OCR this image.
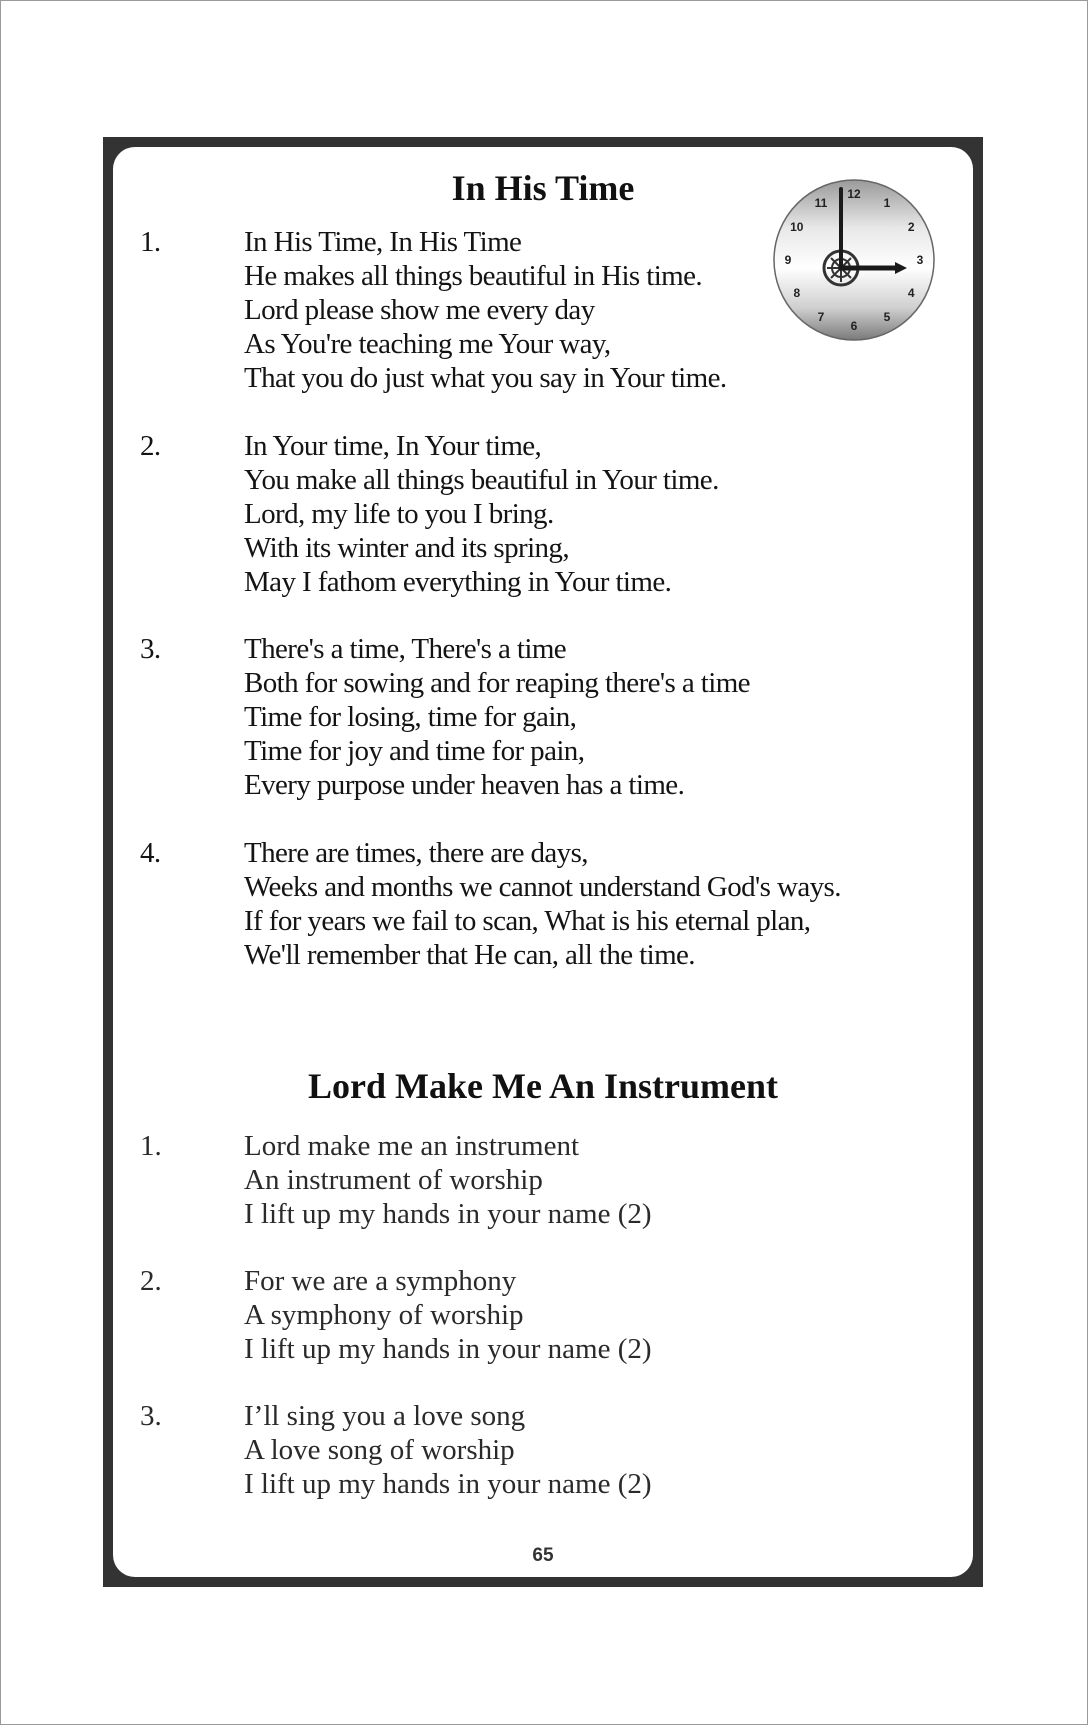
In His Time
1.	In His Time, In His Time
He makes all things beautiful in His time.
Lord please show me every day
As You're teaching me Your way,
That you do just what you say in Your time.
2.	In Your time, In Your time,
You make all things beautiful in Your time.
Lord, my life to you I bring.
With its winter and its spring,
May I fathom everything in Your time.
3.	There's a time, There's a time
Both for sowing and for reaping there's a time
Time for losing, time for gain,
Time for joy and time for pain,
Every purpose under heaven has a time.
4.	There are times, there are days,
Weeks and months we cannot understand God's ways.
If for years we fail to scan, What is his eternal plan,
We'll remember that He can, all the time.
12
1
2
3
4
5
6
7
8
9
10
11
Lord Make Me An Instrument
1.	Lord make me an instrument
An instrument of worship
I lift up my hands in your name (2)
2.	For we are a symphony
A symphony of worship
I lift up my hands in your name (2)
3.	I’ll sing you a love song
A love song of worship
I lift up my hands in your name (2)
65
